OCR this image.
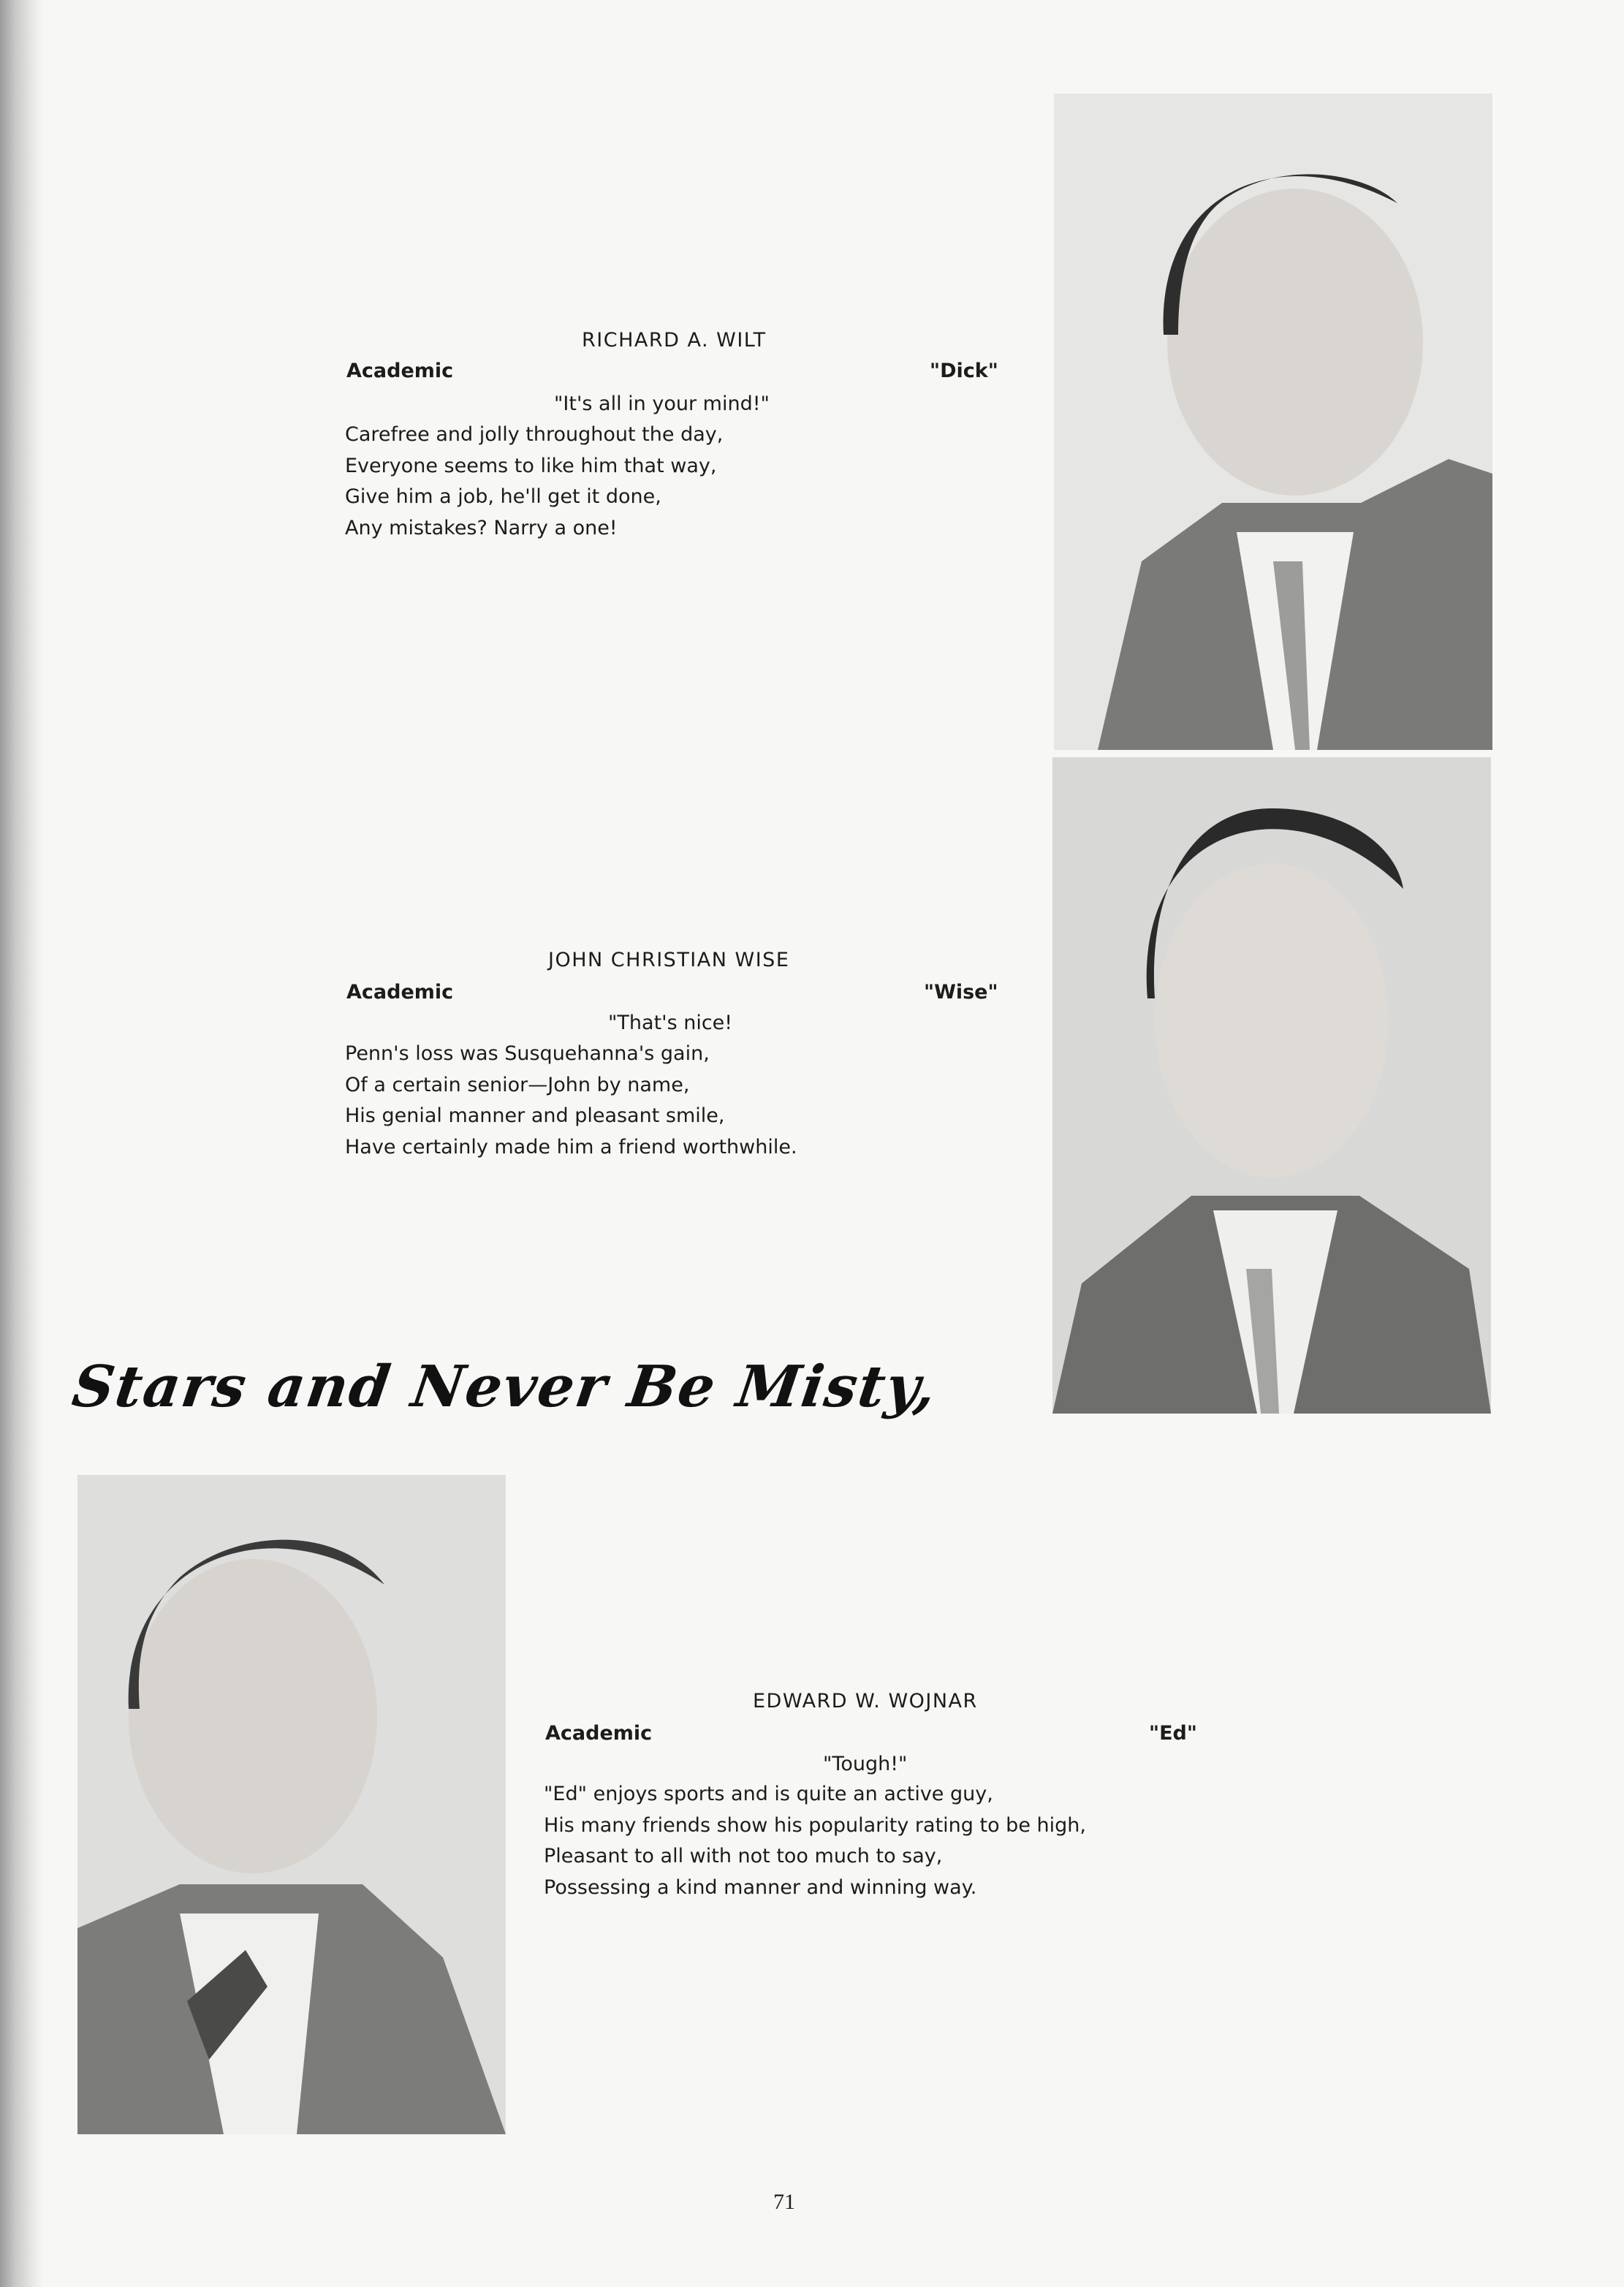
RICHARD A. WILT
Academic	"Dick"
"It's all in your mind!"
Carefree and jolly throughout the day,
Everyone seems to like him that way,
Give him a job, he'll get it done,
Any mistakes? Narry a one!
JOHN CHRISTIAN WISE
Academic	"Wise"
"That's nice!
Penn's loss was Susquehanna's gain,
Of a certain senior—John by name,
His genial manner and pleasant smile,
Have certainly made him a friend worthwhile.
Stars and Never Be Misty,
EDWARD W. WOJNAR
Academic	"Ed"
"Tough!"
"Ed" enjoys sports and is quite an active guy,
His many friends show his popularity rating to be high,
Pleasant to all with not too much to say,
Possessing a kind manner and winning way.
71
